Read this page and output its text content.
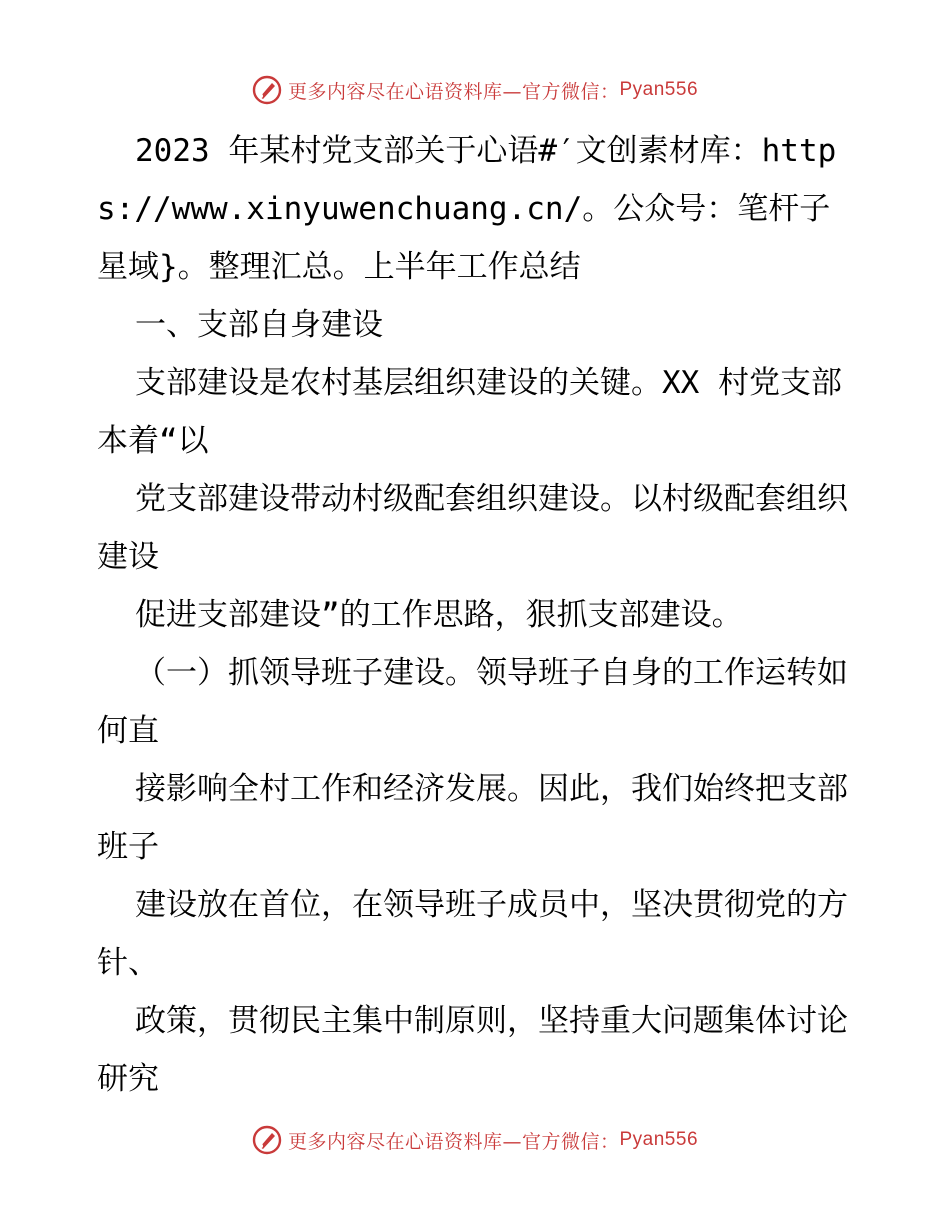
更多内容尽在心语资料库—官方微信： Pyan556

2023 年某村党支部关于心语#′文创素材库：https://www.xinyuwenchuang.cn/。公众号：笔杆子星域}。整理汇总。上半年工作总结

一、支部自身建设

支部建设是农村基层组织建设的关键。XX 村党支部本着“以

党支部建设带动村级配套组织建设。以村级配套组织建设

促进支部建设”的工作思路，狠抓支部建设。

（一）抓领导班子建设。领导班子自身的工作运转如何直

接影响全村工作和经济发展。因此，我们始终把支部班子

建设放在首位，在领导班子成员中，坚决贯彻党的方针、

政策，贯彻民主集中制原则，坚持重大问题集体讨论研究

更多内容尽在心语资料库—官方微信： Pyan556
